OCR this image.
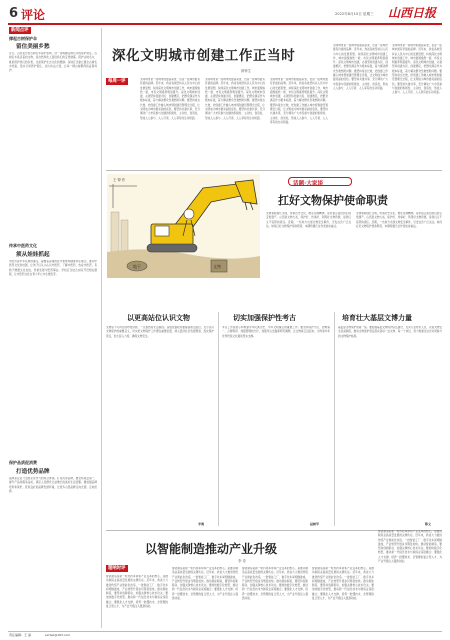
6 评论	2022年8月10日 星期三 山西日报
新闻点评
撑起古树保护伞
留住美丽乡愁
近日，山西省出台古树名木保护条例，进一步明确古树名木的保护责任。古树名木是活着的文物，是自然和先人留给我们的宝贵财富。保护古树名木，就是保护我们的乡愁，也是保护生态文化的根脉。各地应当建立健全古树名木档案，落实日常养护责任，加大执法力度，让每一棵古树都得到妥善呵护。
传承中医药文化
须从娃娃抓起
中医药是中华民族的瑰宝，凝聚着深邃的哲学智慧和健康养生理念。推动中医药文化进校园，让孩子们从小认识中医药、了解中医药、热爱中医药，有助于增强文化自信，传承发展中医药事业。学校应当结合实际开设相关课程，让中医药文化在青少年心中生根发芽。
保护品质促消费
打造优势品牌
品牌是企业乃至国家竞争力的综合体现。打造优势品牌，要坚持质量第一，提升产品和服务品质，满足人民群众日益增长的美好生活需要。要加强品牌培育和保护，营造良好的品牌发展环境，让更多山西品牌走向全国、走向世界。
深化文明城市创建工作正当时
薛钟生
每周一评	文明城市是一座城市的最高荣誉，也是一座城市最有价值的品牌。近年来，我省各地坚持以人民为中心的发展思想，持续深化文明城市创建工作，城市面貌焕然一新，市民文明素养明显提升。深化文明城市创建，必须坚持创建为民、创建惠民，把群众满意作为根本标准，着力解决群众急难愁盼问题。要坚持常态长效，把创建工作融入城市规划建设管理全过程，让文明成为城市最亮丽的底色。要坚持共建共享，充分调动广大市民参与创建的积极性、主动性、创造性，形成人人参与、人人尽责、人人享有的生动局面。
文明城市是一座城市的最高荣誉，也是一座城市最有价值的品牌。近年来，我省各地坚持以人民为中心的发展思想，持续深化文明城市创建工作，城市面貌焕然一新，市民文明素养明显提升。深化文明城市创建，必须坚持创建为民、创建惠民，把群众满意作为根本标准，着力解决群众急难愁盼问题。要坚持常态长效，把创建工作融入城市规划建设管理全过程，让文明成为城市最亮丽的底色。要坚持共建共享，充分调动广大市民参与创建的积极性、主动性、创造性，形成人人参与、人人尽责、人人享有的生动局面。
文明城市是一座城市的最高荣誉，也是一座城市最有价值的品牌。近年来，我省各地坚持以人民为中心的发展思想，持续深化文明城市创建工作，城市面貌焕然一新，市民文明素养明显提升。深化文明城市创建，必须坚持创建为民、创建惠民，把群众满意作为根本标准，着力解决群众急难愁盼问题。要坚持常态长效，把创建工作融入城市规划建设管理全过程，让文明成为城市最亮丽的底色。要坚持共建共享，充分调动广大市民参与创建的积极性、主动性、创造性，形成人人参与、人人尽责、人人享有的生动局面。
文明城市是一座城市的最高荣誉，也是一座城市最有价值的品牌。近年来，我省各地坚持以人民为中心的发展思想，持续深化文明城市创建工作，城市面貌焕然一新，市民文明素养明显提升。深化文明城市创建，必须坚持创建为民、创建惠民，把群众满意作为根本标准，着力解决群众急难愁盼问题。要坚持常态长效，把创建工作融入城市规划建设管理全过程，让文明成为城市最亮丽的底色。要坚持共建共享，充分调动广大市民参与创建的积极性、主动性、创造性，形成人人参与、人人尽责、人人享有的生动局面。
文明城市是一座城市的最高荣誉，也是一座城市最有价值的品牌。近年来，我省各地坚持以人民为中心的发展思想，持续深化文明城市创建工作，城市面貌焕然一新，市民文明素养明显提升。深化文明城市创建，必须坚持创建为民、创建惠民，把群众满意作为根本标准，着力解决群众急难愁盼问题。要坚持常态长效，把创建工作融入城市规划建设管理全过程，让文明成为城市最亮丽的底色。要坚持共建共享，充分调动广大市民参与创建的积极性、主动性、创造性，形成人人参与、人人尽责、人人享有的生动局面。
地下	文物
王 铎 作
话题·大家谈
扛好文物保护使命职责
文物承载灿烂文明，传承历史文化，维系民族精神，是老祖宗留给我们的宝贵遗产。山西是文物大省，保护好、传承好、利用好文物资源，是我们义不容辞的责任。近期，一些地方出现文物安全事件，引发社会广泛关注。如何扛好文物保护使命职责，本期特邀几位作者谈谈看法。
文物承载灿烂文明，传承历史文化，维系民族精神，是老祖宗留给我们的宝贵遗产。山西是文物大省，保护好、传承好、利用好文物资源，是我们义不容辞的责任。近期，一些地方出现文物安全事件，引发社会广泛关注。如何扛好文物保护使命职责，本期特邀几位作者谈谈看法。
以更高站位认识文物
文物是不可再生的珍贵资源，一旦损毁将无法挽回。各级党委政府要提高政治站位，充分认识文物保护的重要意义，切实把文物保护工作摆在重要位置，纳入经济社会发展规划，落实保护责任，加大投入力度，确保文物安全。
李鸿
切实加强保护性考古
考古工作是展示和构建中华民族历史、中华文明瑰宝的重要工作。要坚持保护为主、抢救第一、合理利用、加强管理的方针，加强考古发掘和研究阐释，让文物真正活起来，为传承中华优秀传统文化提供坚实支撑。
赵树军
培育壮大基层文博力量
基层是文物保护的第一线。要加强基层文物保护队伍建设，充实专业技术人员，完善文物安全巡查制度，推动文物保护责任落实到每一处文物、每一个岗位，努力构建全社会共同参与的文物保护格局。
陈文
以智能制造推动产业升级
李 奇
理响时评
智能制造是新一轮科技革命和产业变革的核心，是推动制造业高质量发展的关键所在。近年来，我省大力推进传统产业智能化改造，一批智能工厂、数字化车间相继建成，产业转型升级步伐明显加快。推动智能制造，要坚持创新驱动，加强关键核心技术攻关；要加快数字化转型，推动新一代信息技术与制造业深度融合；要强化人才支撑，培养一批懂技术、会管理的复合型人才，为产业升级注入强劲动能。
智能制造是新一轮科技革命和产业变革的核心，是推动制造业高质量发展的关键所在。近年来，我省大力推进传统产业智能化改造，一批智能工厂、数字化车间相继建成，产业转型升级步伐明显加快。推动智能制造，要坚持创新驱动，加强关键核心技术攻关；要加快数字化转型，推动新一代信息技术与制造业深度融合；要强化人才支撑，培养一批懂技术、会管理的复合型人才，为产业升级注入强劲动能。
智能制造是新一轮科技革命和产业变革的核心，是推动制造业高质量发展的关键所在。近年来，我省大力推进传统产业智能化改造，一批智能工厂、数字化车间相继建成，产业转型升级步伐明显加快。推动智能制造，要坚持创新驱动，加强关键核心技术攻关；要加快数字化转型，推动新一代信息技术与制造业深度融合；要强化人才支撑，培养一批懂技术、会管理的复合型人才，为产业升级注入强劲动能。
智能制造是新一轮科技革命和产业变革的核心，是推动制造业高质量发展的关键所在。近年来，我省大力推进传统产业智能化改造，一批智能工厂、数字化车间相继建成，产业转型升级步伐明显加快。推动智能制造，要坚持创新驱动，加强关键核心技术攻关；要加快数字化转型，推动新一代信息技术与制造业深度融合；要强化人才支撑，培养一批懂技术、会管理的复合型人才，为产业升级注入强劲动能。
智能制造是新一轮科技革命和产业变革的核心，是推动制造业高质量发展的关键所在。近年来，我省大力推进传统产业智能化改造，一批智能工厂、数字化车间相继建成，产业转型升级步伐明显加快。推动智能制造，要坚持创新驱动，加强关键核心技术攻关；要加快数字化转型，推动新一代信息技术与制造业深度融合；要强化人才支撑，培养一批懂技术、会管理的复合型人才，为产业升级注入强劲动能。
责任编辑：王 丽	sxrbpl@163.com
